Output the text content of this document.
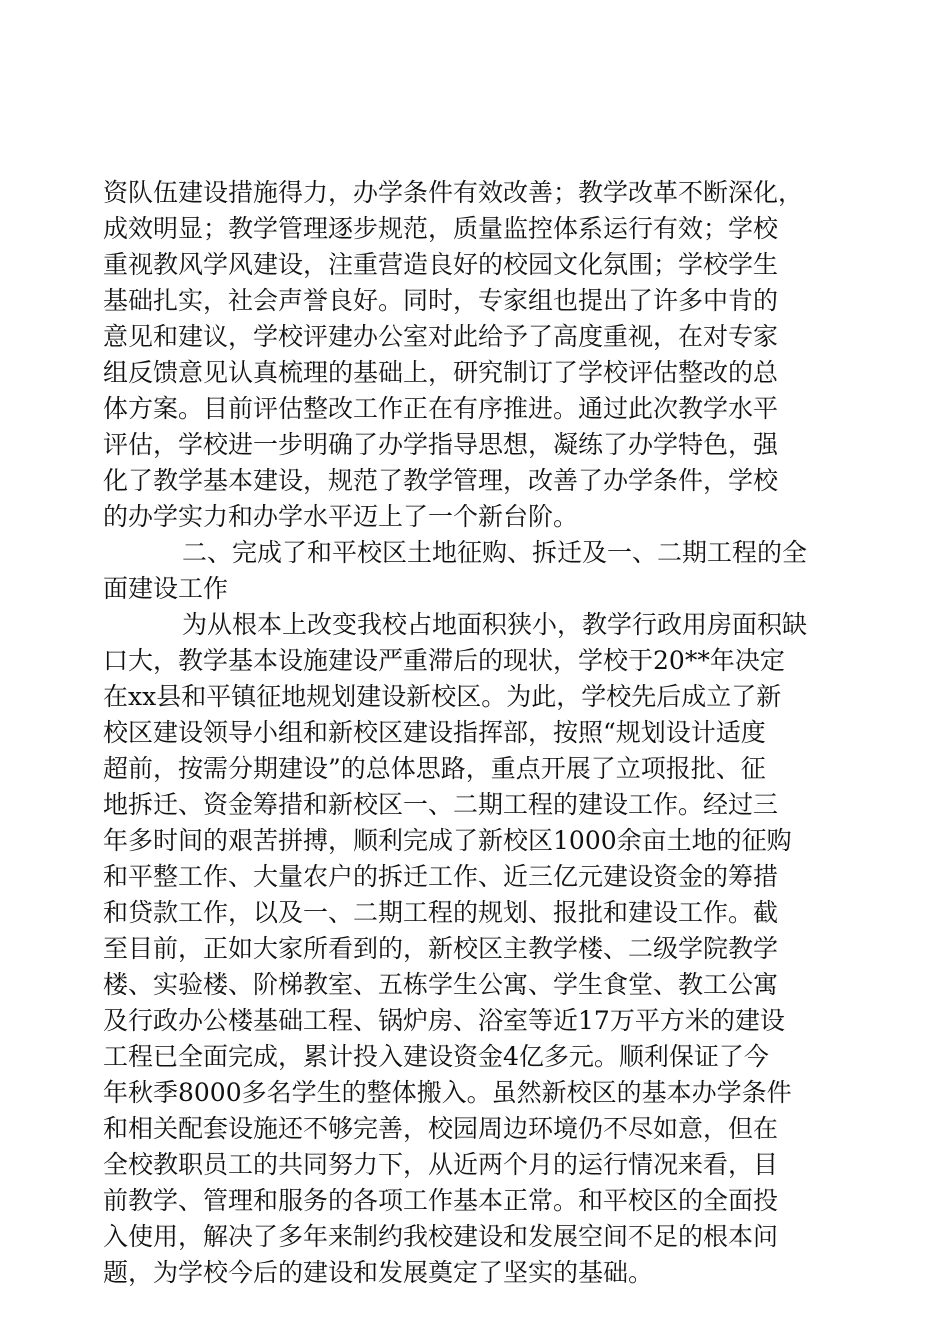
资队伍建设措施得力，办学条件有效改善；教学改革不断深化，
成效明显；教学管理逐步规范，质量监控体系运行有效；学校
重视教风学风建设，注重营造良好的校园文化氛围；学校学生
基础扎实，社会声誉良好。同时，专家组也提出了许多中肯的
意见和建议，学校评建办公室对此给予了高度重视，在对专家
组反馈意见认真梳理的基础上，研究制订了学校评估整改的总
体方案。目前评估整改工作正在有序推进。通过此次教学水平
评估，学校进一步明确了办学指导思想，凝练了办学特色，强
化了教学基本建设，规范了教学管理，改善了办学条件，学校
的办学实力和办学水平迈上了一个新台阶。
二、完成了和平校区土地征购、拆迁及一、二期工程的全
面建设工作
为从根本上改变我校占地面积狭小，教学行政用房面积缺
口大，教学基本设施建设严重滞后的现状，学校于20**年决定
在xx县和平镇征地规划建设新校区。为此，学校先后成立了新
校区建设领导小组和新校区建设指挥部，按照“规划设计适度
超前，按需分期建设”的总体思路，重点开展了立项报批、征
地拆迁、资金筹措和新校区一、二期工程的建设工作。经过三
年多时间的艰苦拼搏，顺利完成了新校区1000余亩土地的征购
和平整工作、大量农户的拆迁工作、近三亿元建设资金的筹措
和贷款工作，以及一、二期工程的规划、报批和建设工作。截
至目前，正如大家所看到的，新校区主教学楼、二级学院教学
楼、实验楼、阶梯教室、五栋学生公寓、学生食堂、教工公寓
及行政办公楼基础工程、锅炉房、浴室等近17万平方米的建设
工程已全面完成，累计投入建设资金4亿多元。顺利保证了今
年秋季8000多名学生的整体搬入。虽然新校区的基本办学条件
和相关配套设施还不够完善，校园周边环境仍不尽如意，但在
全校教职员工的共同努力下，从近两个月的运行情况来看，目
前教学、管理和服务的各项工作基本正常。和平校区的全面投
入使用，解决了多年来制约我校建设和发展空间不足的根本问
题，为学校今后的建设和发展奠定了坚实的基础。
